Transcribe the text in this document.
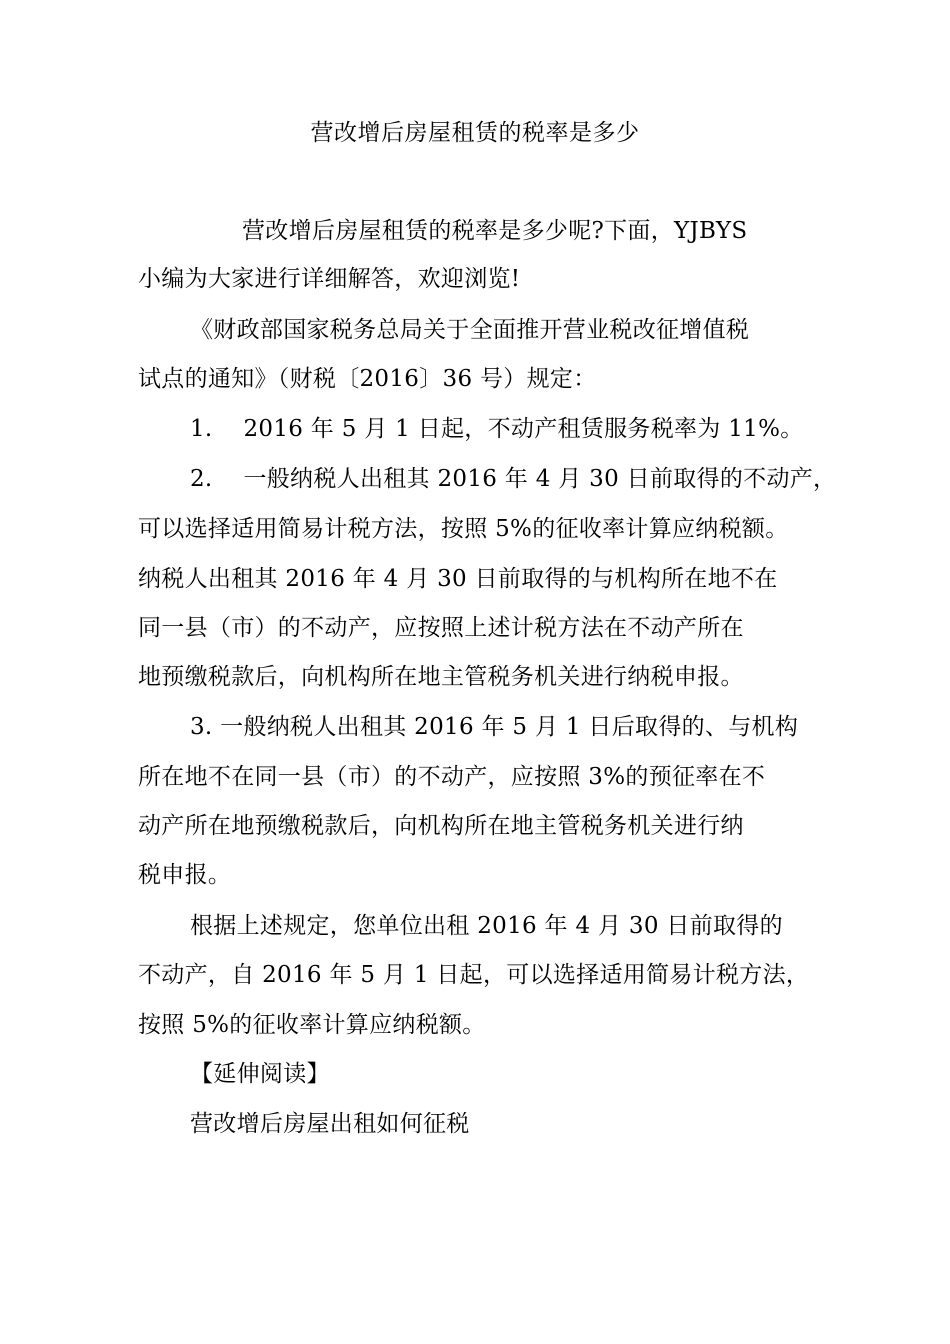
营改增后房屋租赁的税率是多少
营改增后房屋租赁的税率是多少呢?下面，YJBYS
小编为大家进行详细解答，欢迎浏览!
《财政部国家税务总局关于全面推开营业税改征增值税
试点的通知》（财税〔2016〕36 号）规定：
1.　 2016 年 5 月 1 日起，不动产租赁服务税率为 11%。
2.　 一般纳税人出租其 2016 年 4 月 30 日前取得的不动产，
可以选择适用简易计税方法，按照 5%的征收率计算应纳税额。
纳税人出租其 2016 年 4 月 30 日前取得的与机构所在地不在
同一县（市）的不动产，应按照上述计税方法在不动产所在
地预缴税款后，向机构所在地主管税务机关进行纳税申报。
3. 一般纳税人出租其 2016 年 5 月 1 日后取得的、与机构
所在地不在同一县（市）的不动产，应按照 3%的预征率在不
动产所在地预缴税款后，向机构所在地主管税务机关进行纳
税申报。
根据上述规定，您单位出租 2016 年 4 月 30 日前取得的
不动产，自 2016 年 5 月 1 日起，可以选择适用简易计税方法，
按照 5%的征收率计算应纳税额。
【延伸阅读】
营改增后房屋出租如何征税
